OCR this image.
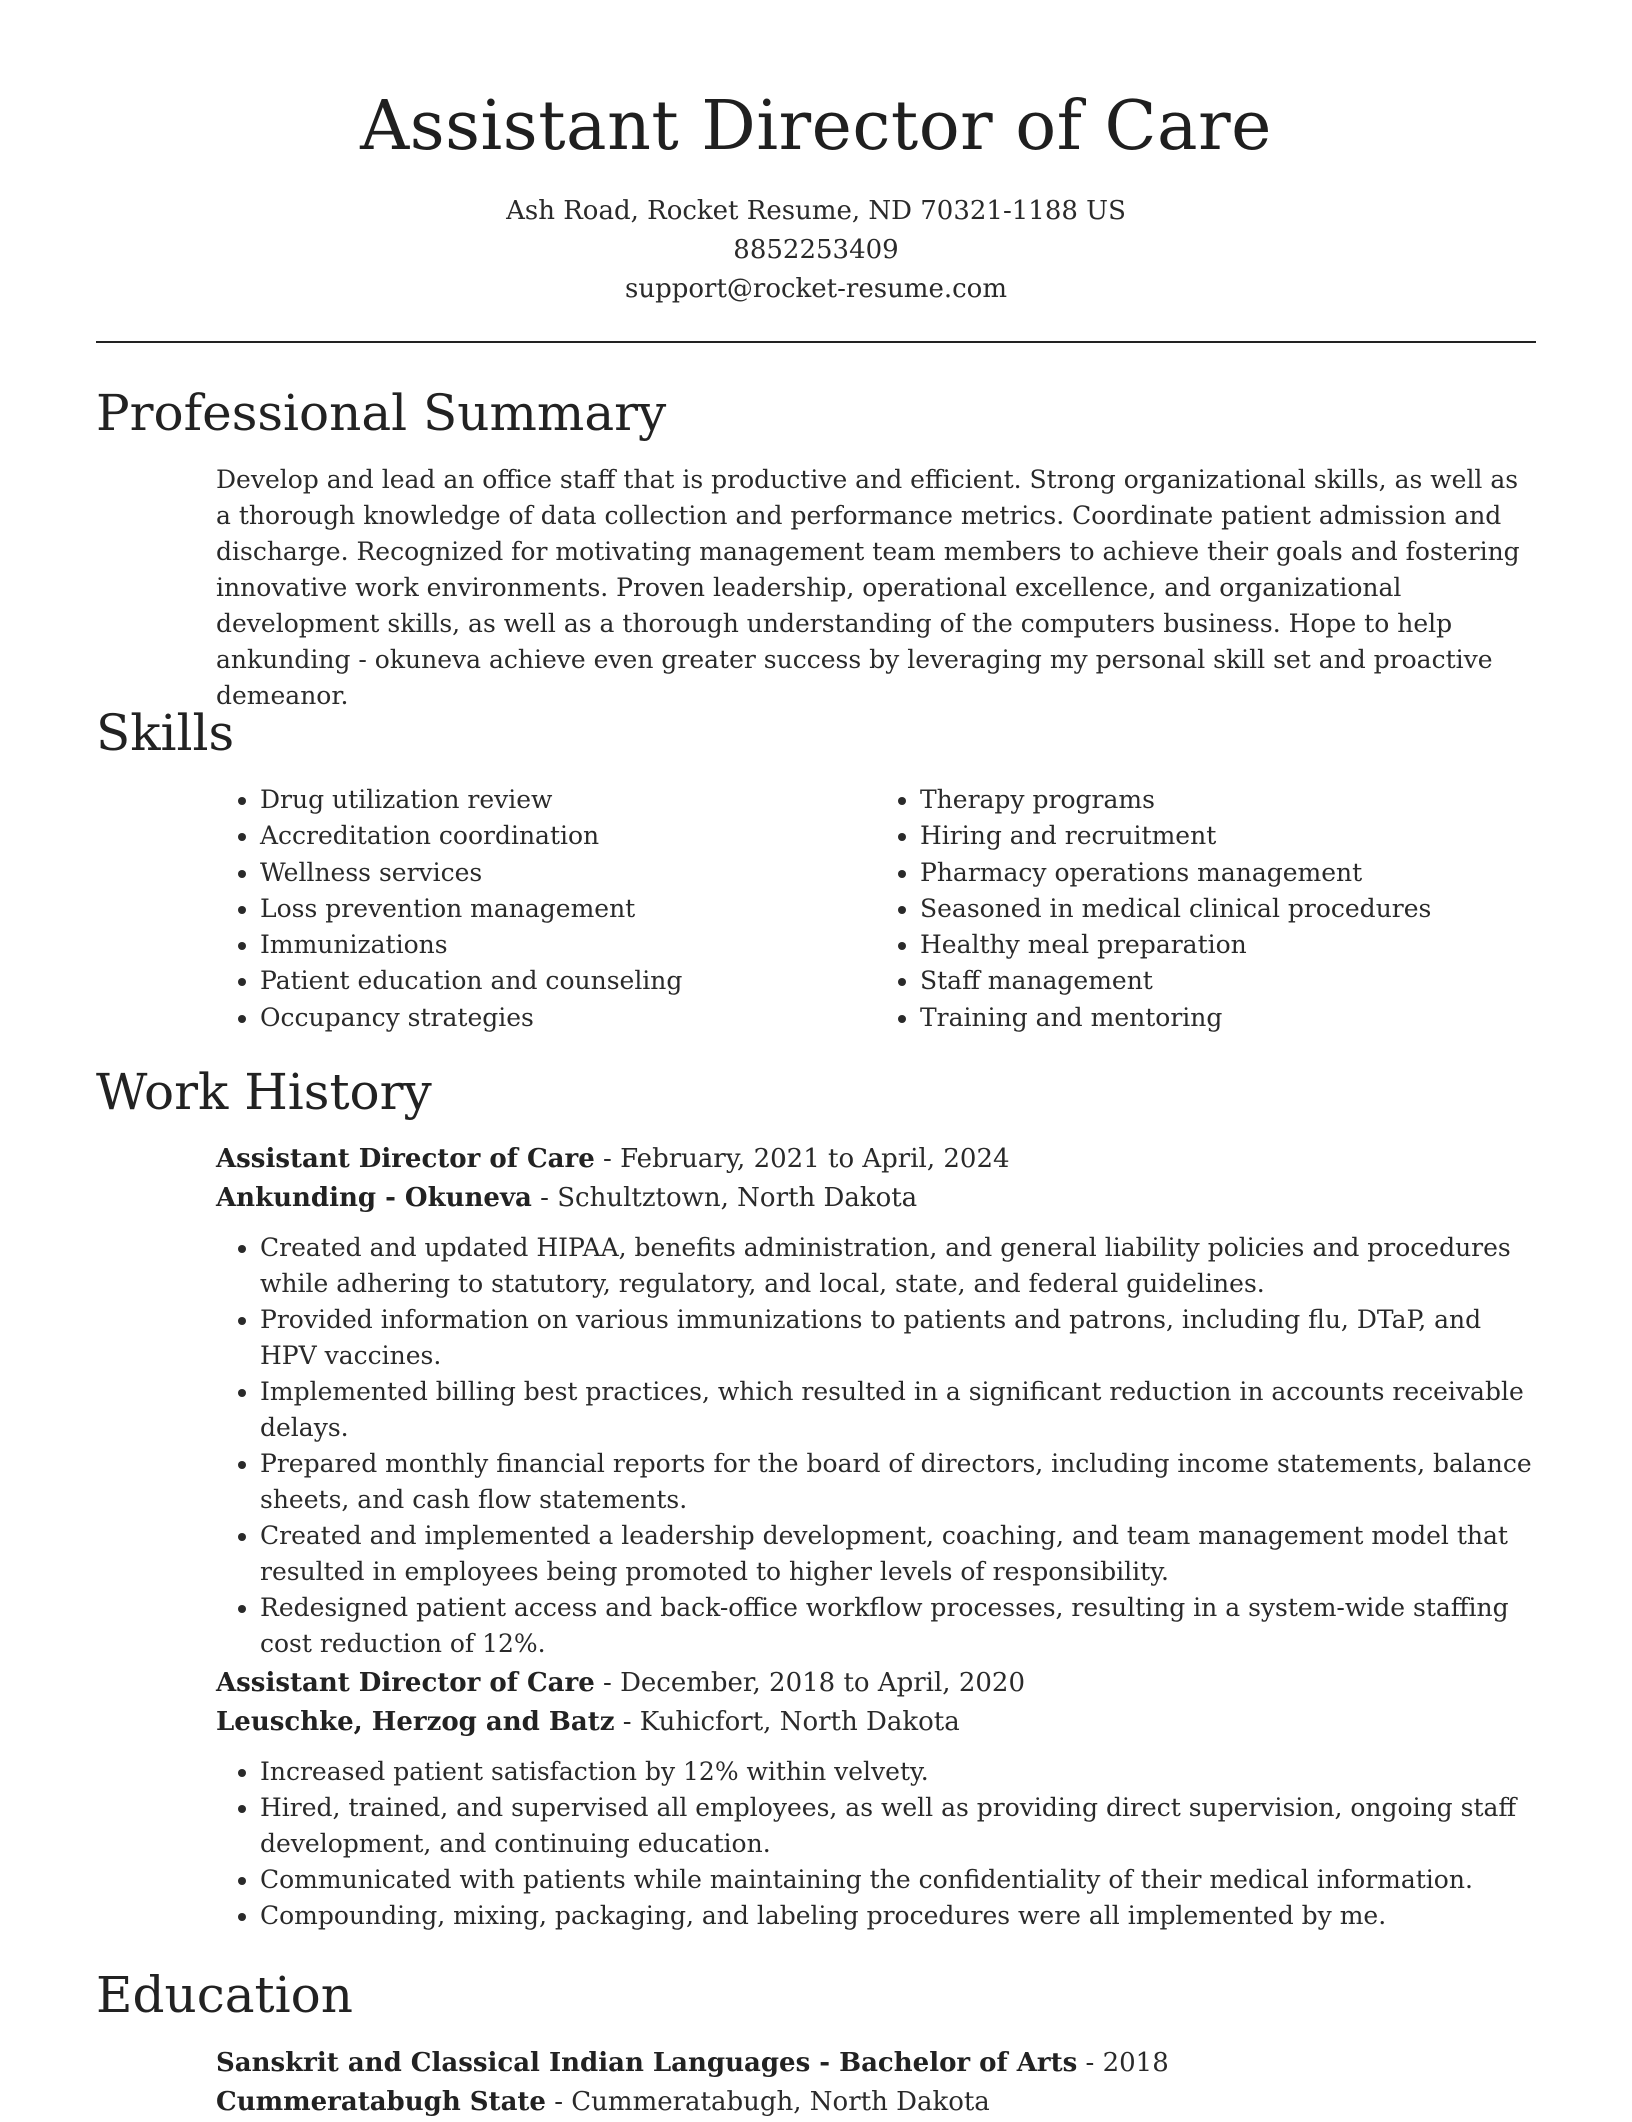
Assistant Director of Care
Ash Road, Rocket Resume, ND 70321-1188 US
8852253409
support@rocket-resume.com
Professional Summary

Develop and lead an office staff that is productive and efficient. Strong organizational skills, as well as a thorough knowledge of data collection and performance metrics. Coordinate patient admission and discharge. Recognized for motivating management team members to achieve their goals and fostering innovative work environments. Proven leadership, operational excellence, and organizational development skills, as well as a thorough understanding of the computers business. Hope to help ankunding - okuneva achieve even greater success by leveraging my personal skill set and proactive demeanor.

Skills
• Drug utilization review
• Accreditation coordination
• Wellness services
• Loss prevention management
• Immunizations
• Patient education and counseling
• Occupancy strategies
• Therapy programs
• Hiring and recruitment
• Pharmacy operations management
• Seasoned in medical clinical procedures
• Healthy meal preparation
• Staff management
• Training and mentoring
Work History
Assistant Director of Care - February, 2021 to April, 2024
Ankunding - Okuneva - Schultztown, North Dakota
• Created and updated HIPAA, benefits administration, and general liability policies and procedures while adhering to statutory, regulatory, and local, state, and federal guidelines.
• Provided information on various immunizations to patients and patrons, including flu, DTaP, and HPV vaccines.
• Implemented billing best practices, which resulted in a significant reduction in accounts receivable delays.
• Prepared monthly financial reports for the board of directors, including income statements, balance sheets, and cash flow statements.
• Created and implemented a leadership development, coaching, and team management model that resulted in employees being promoted to higher levels of responsibility.
• Redesigned patient access and back-office workflow processes, resulting in a system-wide staffing cost reduction of 12%.
Assistant Director of Care - December, 2018 to April, 2020
Leuschke, Herzog and Batz - Kuhicfort, North Dakota
• Increased patient satisfaction by 12% within velvety.
• Hired, trained, and supervised all employees, as well as providing direct supervision, ongoing staff development, and continuing education.
• Communicated with patients while maintaining the confidentiality of their medical information.
• Compounding, mixing, packaging, and labeling procedures were all implemented by me.
Education
Sanskrit and Classical Indian Languages - Bachelor of Arts - 2018
Cummeratabugh State - Cummeratabugh, North Dakota
